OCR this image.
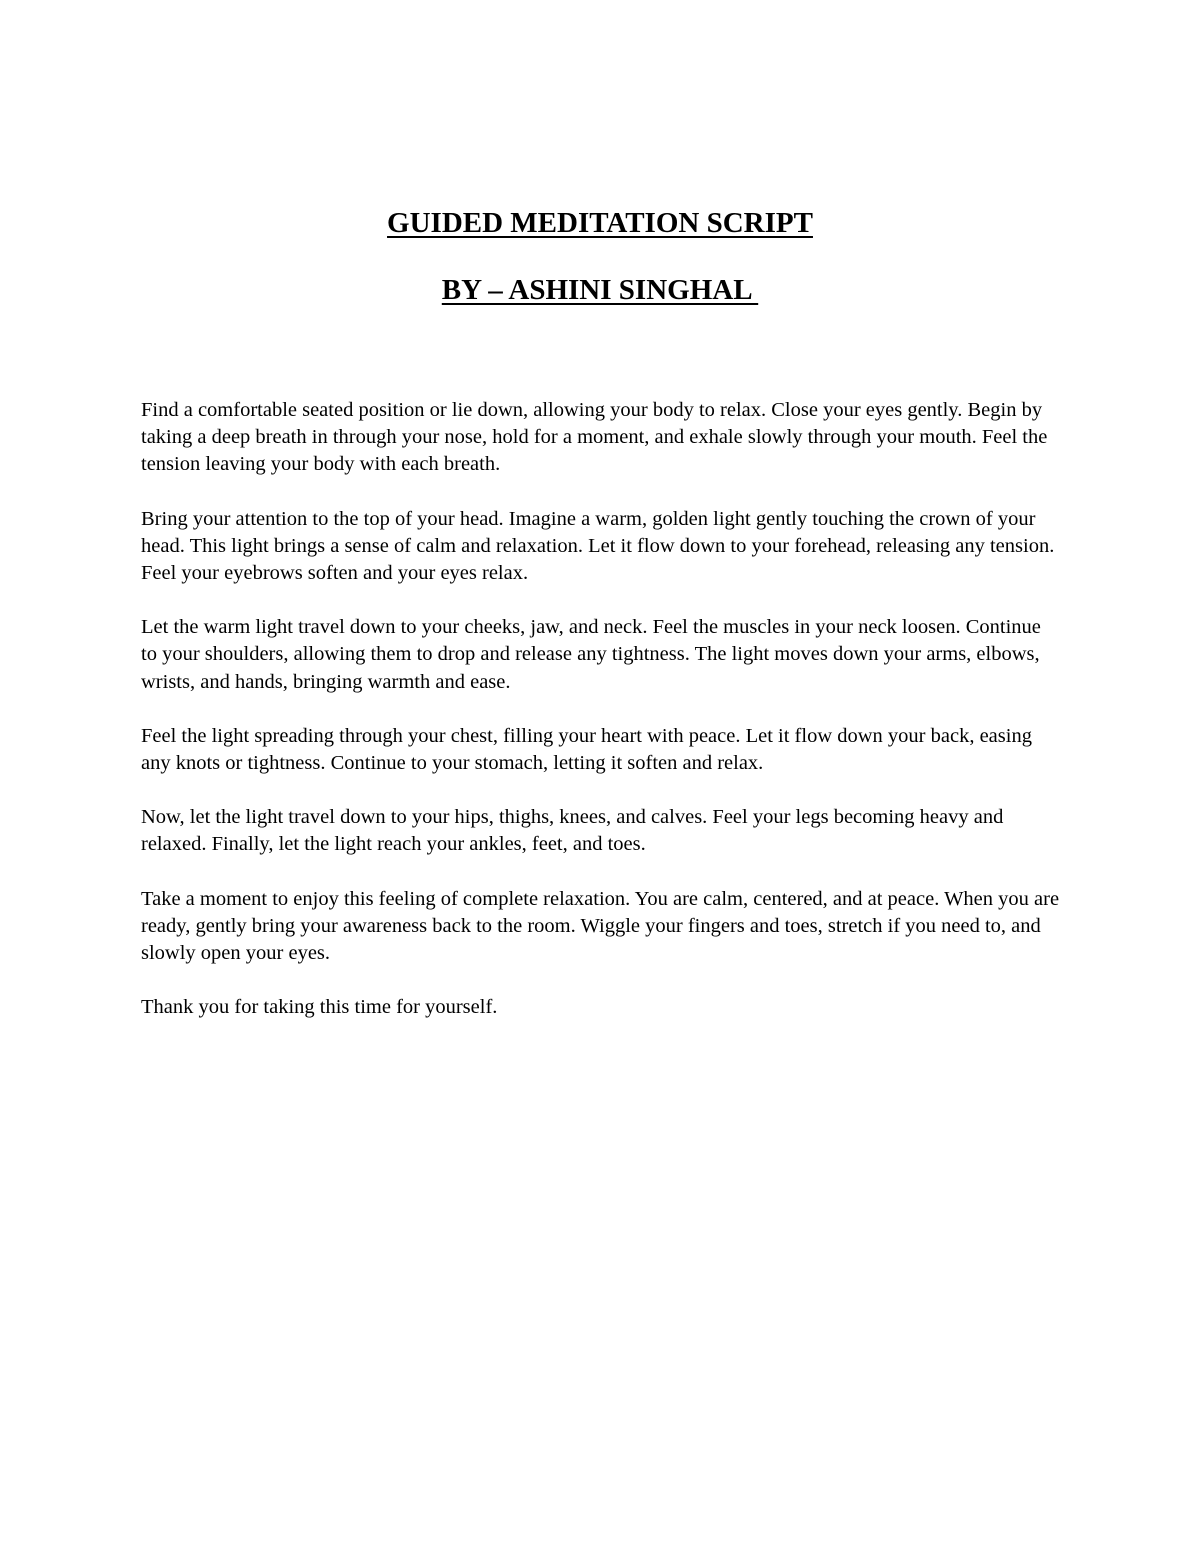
GUIDED MEDITATION SCRIPT
BY – ASHINI SINGHAL

Find a comfortable seated position or lie down, allowing your body to relax. Close your eyes gently. Begin by taking a deep breath in through your nose, hold for a moment, and exhale slowly through your mouth. Feel the tension leaving your body with each breath.

Bring your attention to the top of your head. Imagine a warm, golden light gently touching the crown of your head. This light brings a sense of calm and relaxation. Let it flow down to your forehead, releasing any tension. Feel your eyebrows soften and your eyes relax.

Let the warm light travel down to your cheeks, jaw, and neck. Feel the muscles in your neck loosen. Continue to your shoulders, allowing them to drop and release any tightness. The light moves down your arms, elbows, wrists, and hands, bringing warmth and ease.

Feel the light spreading through your chest, filling your heart with peace. Let it flow down your back, easing any knots or tightness. Continue to your stomach, letting it soften and relax.

Now, let the light travel down to your hips, thighs, knees, and calves. Feel your legs becoming heavy and relaxed. Finally, let the light reach your ankles, feet, and toes.

Take a moment to enjoy this feeling of complete relaxation. You are calm, centered, and at peace. When you are ready, gently bring your awareness back to the room. Wiggle your fingers and toes, stretch if you need to, and slowly open your eyes.

Thank you for taking this time for yourself.
